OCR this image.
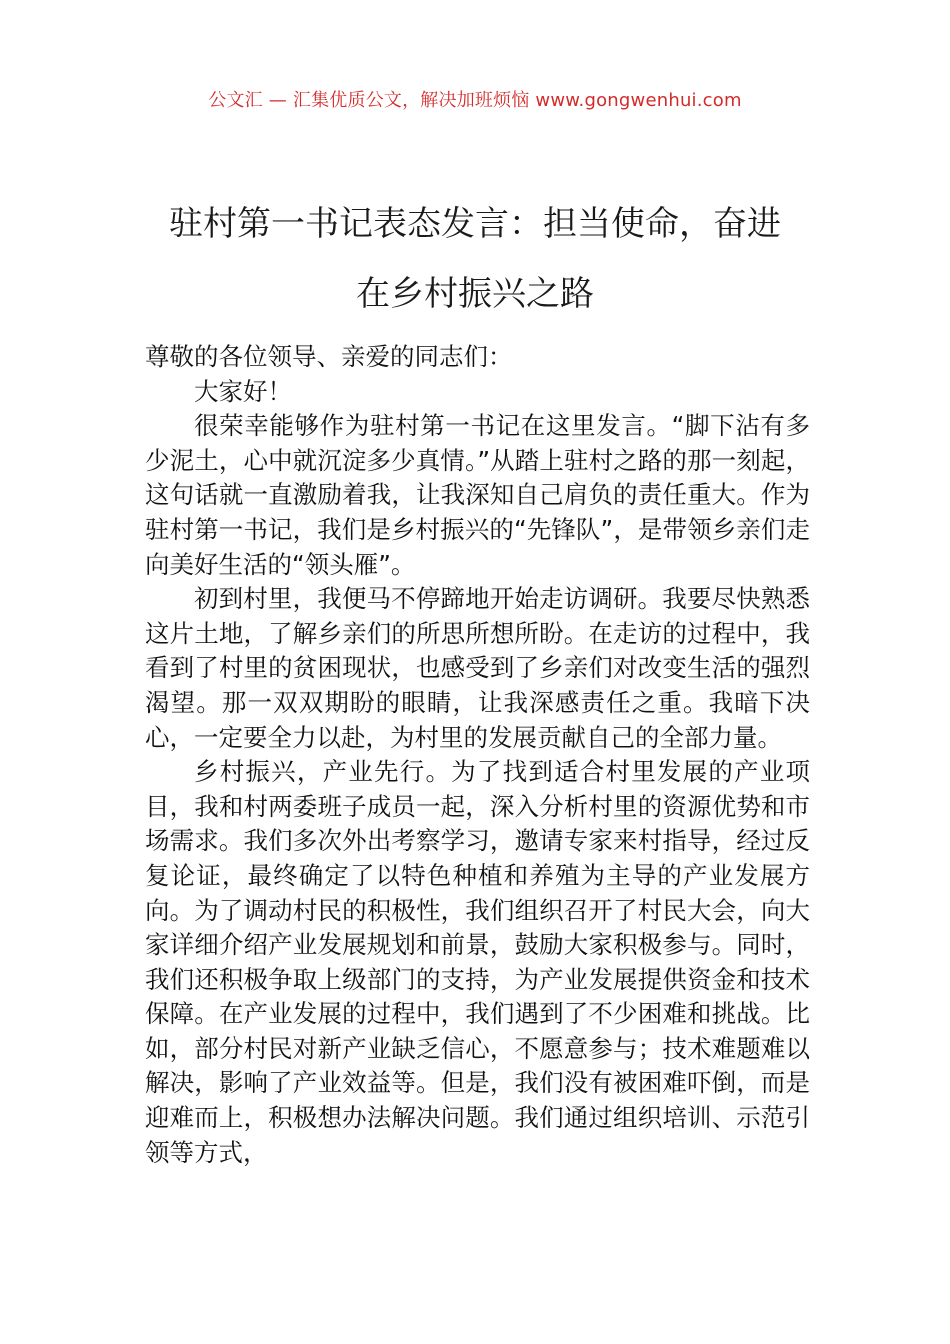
公文汇 — 汇集优质公文，解决加班烦恼 www.gongwenhui.com
驻村第一书记表态发言：担当使命，奋进
在乡村振兴之路

尊敬的各位领导、亲爱的同志们：

大家好！

很荣幸能够作为驻村第一书记在这里发言。“脚下沾有多少泥土，心中就沉淀多少真情。”从踏上驻村之路的那一刻起，这句话就一直激励着我，让我深知自己肩负的责任重大。作为驻村第一书记，我们是乡村振兴的“先锋队”，是带领乡亲们走向美好生活的“领头雁”。

初到村里，我便马不停蹄地开始走访调研。我要尽快熟悉这片土地，了解乡亲们的所思所想所盼。在走访的过程中，我看到了村里的贫困现状，也感受到了乡亲们对改变生活的强烈渴望。那一双双期盼的眼睛，让我深感责任之重。我暗下决心，一定要全力以赴，为村里的发展贡献自己的全部力量。

乡村振兴，产业先行。为了找到适合村里发展的产业项目，我和村两委班子成员一起，深入分析村里的资源优势和市场需求。我们多次外出考察学习，邀请专家来村指导，经过反复论证，最终确定了以特色种植和养殖为主导的产业发展方向。为了调动村民的积极性，我们组织召开了村民大会，向大家详细介绍产业发展规划和前景，鼓励大家积极参与。同时，我们还积极争取上级部门的支持，为产业发展提供资金和技术保障。在产业发展的过程中，我们遇到了不少困难和挑战。比如，部分村民对新产业缺乏信心，不愿意参与；技术难题难以解决，影响了产业效益等。但是，我们没有被困难吓倒，而是迎难而上，积极想办法解决问题。我们通过组织培训、示范引领等方式，
